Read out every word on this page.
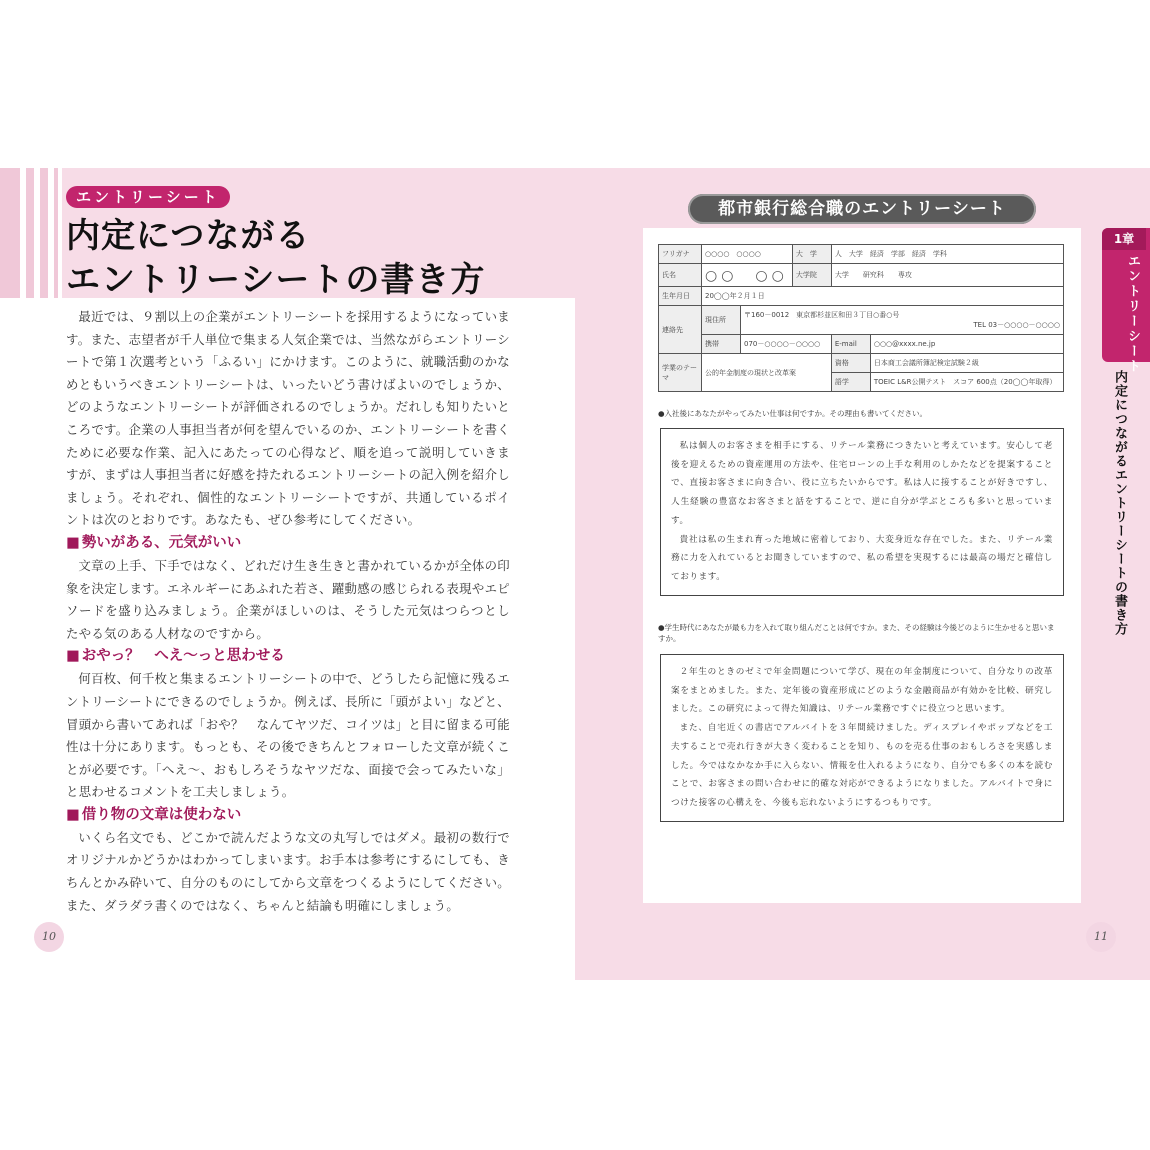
エントリーシート
内定につながる
エントリーシートの書き方

最近では、９割以上の企業がエントリーシートを採用するようになっています。また、志望者が千人単位で集まる人気企業では、当然ながらエントリーシートで第１次選考という「ふるい」にかけます。このように、就職活動のかなめともいうべきエントリーシートは、いったいどう書けばよいのでしょうか、どのようなエントリーシートが評価されるのでしょうか。だれしも知りたいところです。企業の人事担当者が何を望んでいるのか、エントリーシートを書くために必要な作業、記入にあたっての心得など、順を追って説明していきますが、まずは人事担当者に好感を持たれるエントリーシートの記入例を紹介しましょう。それぞれ、個性的なエントリーシートですが、共通しているポイントは次のとおりです。あなたも、ぜひ参考にしてください。

■ 勢いがある、元気がいい

文章の上手、下手ではなく、どれだけ生き生きと書かれているかが全体の印象を決定します。エネルギーにあふれた若さ、躍動感の感じられる表現やエピソードを盛り込みましょう。企業がほしいのは、そうした元気はつらつとしたやる気のある人材なのですから。

■ おやっ？　へえ～っと思わせる

何百枚、何千枚と集まるエントリーシートの中で、どうしたら記憶に残るエントリーシートにできるのでしょうか。例えば、長所に「頭がよい」などと、冒頭から書いてあれば「おや？　なんてヤツだ、コイツは」と目に留まる可能性は十分にあります。もっとも、その後できちんとフォローした文章が続くことが必要です。「へえ～、おもしろそうなヤツだな、面接で会ってみたいな」と思わせるコメントを工夫しましょう。

■ 借り物の文章は使わない

いくら名文でも、どこかで読んだような文の丸写しではダメ。最初の数行でオリジナルかどうかはわかってしまいます。お手本は参考にするにしても、きちんとかみ砕いて、自分のものにしてから文章をつくるようにしてください。また、ダラダラ書くのではなく、ちゃんと結論も明確にしましょう。

10
都市銀行総合職のエントリーシート
1章
エントリーシート
内定につながるエントリーシートの書き方
フリガナ	○○○○　○○○○		大　学	人　大学　経済　学部　経済　学科	
氏名	○○　○○		大学院	大学　　研究科　　専攻	
生年月日	20◯◯年２月１日				
連絡先	現住所	〒160－0012　東京都杉並区和田３丁目○番○号
TEL 03－○○○○－○○○○			

	携帯	070－○○○○－○○○○		E-mail	○○○@xxxx.ne.jp
学業のテーマ	公的年金制度の現状と改革案			資格	日本商工会議所簿記検定試験２級
				語学	TOEIC L&R公開テスト　スコア 600点（20◯◯年取得）
●入社後にあなたがやってみたい仕事は何ですか。その理由も書いてください。

私は個人のお客さまを相手にする、リテール業務につきたいと考えています。安心して老後を迎えるための資産運用の方法や、住宅ローンの上手な利用のしかたなどを提案することで、直接お客さまに向き合い、役に立ちたいからです。私は人に接することが好きですし、人生経験の豊富なお客さまと話をすることで、逆に自分が学ぶところも多いと思っています。

貴社は私の生まれ育った地域に密着しており、大変身近な存在でした。また、リテール業務に力を入れているとお聞きしていますので、私の希望を実現するには最高の場だと確信しております。

●学生時代にあなたが最も力を入れて取り組んだことは何ですか。また、その経験は今後どのように生かせると思いますか。

２年生のときのゼミで年金問題について学び、現在の年金制度について、自分なりの改革案をまとめました。また、定年後の資産形成にどのような金融商品が有効かを比較、研究しました。この研究によって得た知識は、リテール業務ですぐに役立つと思います。

また、自宅近くの書店でアルバイトを３年間続けました。ディスプレイやポップなどを工夫することで売れ行きが大きく変わることを知り、ものを売る仕事のおもしろさを実感しました。今ではなかなか手に入らない、情報を仕入れるようになり、自分でも多くの本を読むことで、お客さまの問い合わせに的確な対応ができるようになりました。アルバイトで身につけた接客の心構えを、今後も忘れないようにするつもりです。

11
